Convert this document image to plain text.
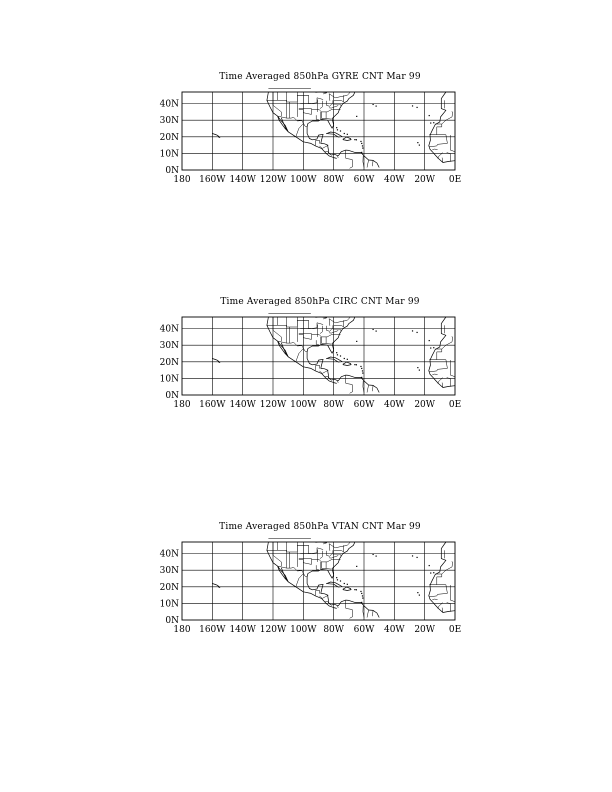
Time Averaged 850hPa GYRE CNT Mar 99
180 160W 140W 120W 100W 80W 60W 40W 20W 0E
0N
10N
20N
30N
40N
Time Averaged 850hPa CIRC CNT Mar 99
180 160W 140W 120W 100W 80W 60W 40W 20W 0E
0N
10N
20N
30N
40N
Time Averaged 850hPa VTAN CNT Mar 99
180 160W 140W 120W 100W 80W 60W 40W 20W 0E
0N
10N
20N
30N
40N
